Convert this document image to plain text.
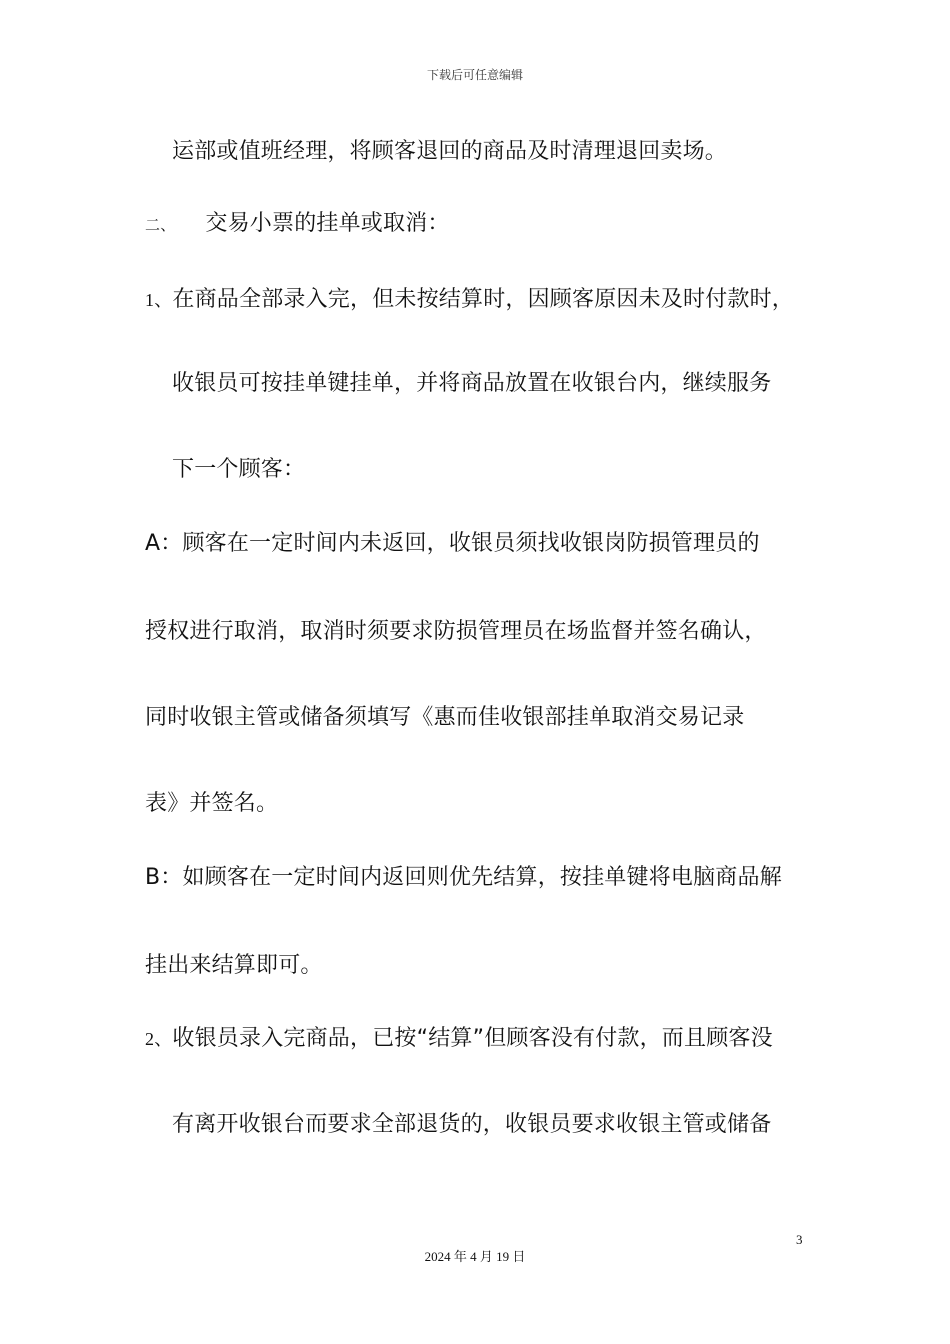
下载后可任意编辑
运部或值班经理，将顾客退回的商品及时清理退回卖场。
二、 交易小票的挂单或取消：
1、在商品全部录入完，但未按结算时，因顾客原因未及时付款时，
收银员可按挂单键挂单，并将商品放置在收银台内，继续服务
下一个顾客：
A：顾客在一定时间内未返回，收银员须找收银岗防损管理员的
授权进行取消，取消时须要求防损管理员在场监督并签名确认，
同时收银主管或储备须填写《惠而佳收银部挂单取消交易记录
表》并签名。
B：如顾客在一定时间内返回则优先结算，按挂单键将电脑商品解
挂出来结算即可。
2、收银员录入完商品，已按“结算”但顾客没有付款，而且顾客没
有离开收银台而要求全部退货的，收银员要求收银主管或储备
3
2024 年 4 月 19 日
